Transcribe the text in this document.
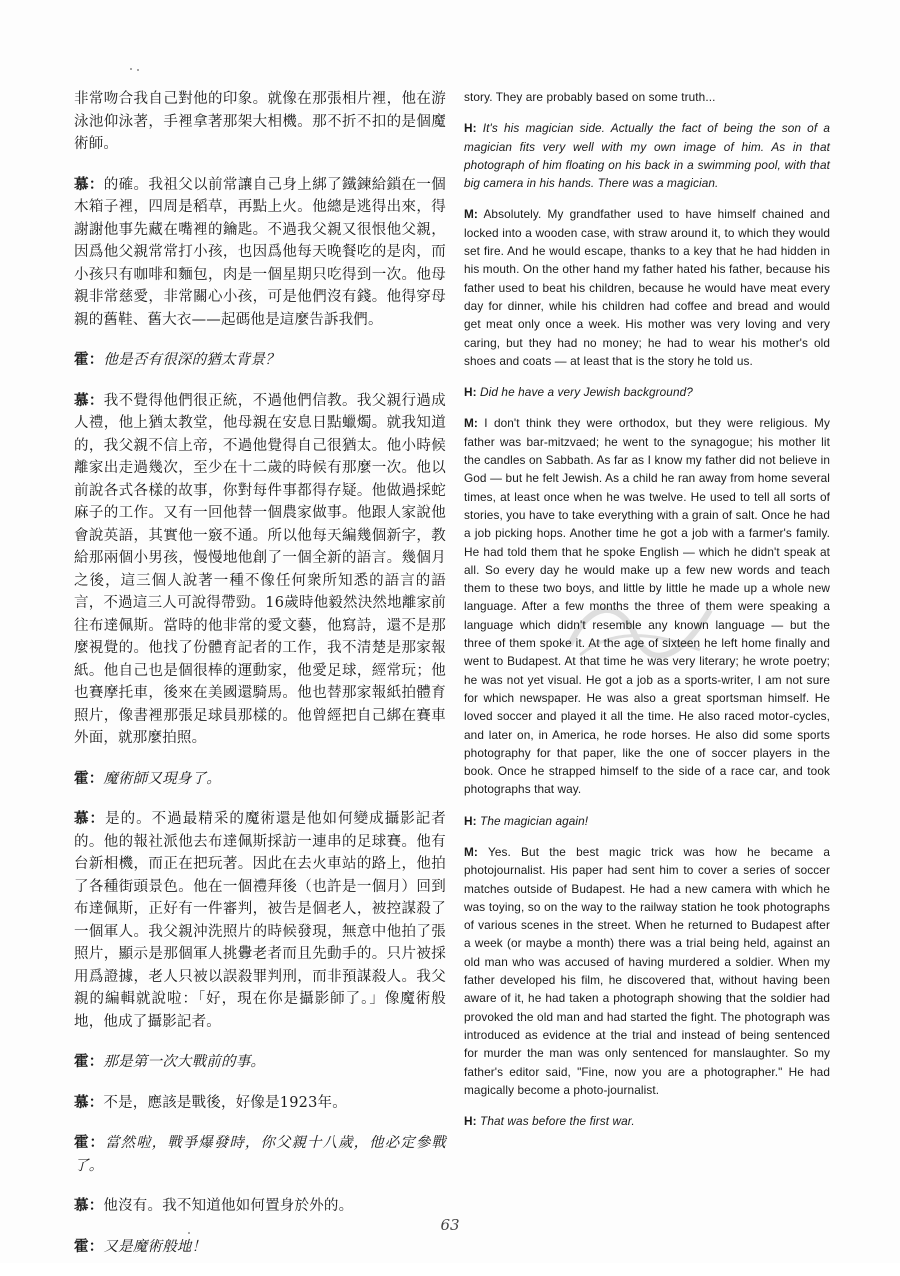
非常吻合我自己對他的印象。就像在那張相片裡，他在游泳池仰泳著，手裡拿著那架大相機。那不折不扣的是個魔術師。

慕：的確。我祖父以前常讓自己身上綁了鐵鍊給鎖在一個木箱子裡，四周是稻草，再點上火。他總是逃得出來，得謝謝他事先藏在嘴裡的鑰匙。不過我父親又很恨他父親，因爲他父親常常打小孩，也因爲他每天晚餐吃的是肉，而小孩只有咖啡和麵包，肉是一個星期只吃得到一次。他母親非常慈愛，非常關心小孩，可是他們沒有錢。他得穿母親的舊鞋、舊大衣——起碼他是這麼告訴我們。

霍：他是否有很深的猶太背景？

慕：我不覺得他們很正統，不過他們信教。我父親行過成人禮，他上猶太教堂，他母親在安息日點蠟燭。就我知道的，我父親不信上帝，不過他覺得自己很猶太。他小時候離家出走過幾次，至少在十二歲的時候有那麼一次。他以前說各式各樣的故事，你對每件事都得存疑。他做過採蛇麻子的工作。又有一回他替一個農家做事。他跟人家說他會說英語，其實他一竅不通。所以他每天編幾個新字，教給那兩個小男孩，慢慢地他創了一個全新的語言。幾個月之後，這三個人說著一種不像任何衆所知悉的語言的語言，不過這三人可說得帶勁。16歲時他毅然決然地離家前往布達佩斯。當時的他非常的愛文藝，他寫詩，還不是那麼視覺的。他找了份體育記者的工作，我不清楚是那家報紙。他自己也是個很棒的運動家，他愛足球，經常玩；他也賽摩托車，後來在美國還騎馬。他也替那家報紙拍體育照片，像書裡那張足球員那樣的。他曾經把自己綁在賽車外面，就那麼拍照。

霍：魔術師又現身了。

慕：是的。不過最精采的魔術還是他如何變成攝影記者的。他的報社派他去布達佩斯採訪一連串的足球賽。他有台新相機，而正在把玩著。因此在去火車站的路上，他拍了各種街頭景色。他在一個禮拜後（也許是一個月）回到布達佩斯，正好有一件審判，被告是個老人，被控謀殺了一個軍人。我父親沖洗照片的時候發現，無意中他拍了張照片，顯示是那個軍人挑釁老者而且先動手的。只片被採用爲證據，老人只被以誤殺罪判刑，而非預謀殺人。我父親的編輯就說啦：「好，現在你是攝影師了。」像魔術般地，他成了攝影記者。

霍：那是第一次大戰前的事。

慕：不是，應該是戰後，好像是1923年。

霍：當然啦，戰爭爆發時，你父親十八歲，他必定參戰了。

慕：他沒有。我不知道他如何置身於外的。

霍：又是魔術般地！

story. They are probably based on some truth...

H: It's his magician side. Actually the fact of being the son of a magician fits very well with my own image of him. As in that photograph of him floating on his back in a swimming pool, with that big camera in his hands. There was a magician.

M: Absolutely. My grandfather used to have himself chained and locked into a wooden case, with straw around it, to which they would set fire. And he would escape, thanks to a key that he had hidden in his mouth. On the other hand my father hated his father, because his father used to beat his children, because he would have meat every day for dinner, while his children had coffee and bread and would get meat only once a week. His mother was very loving and very caring, but they had no money; he had to wear his mother's old shoes and coats — at least that is the story he told us.

H: Did he have a very Jewish background?

M: I don't think they were orthodox, but they were religious. My father was bar-mitzvaed; he went to the synagogue; his mother lit the candles on Sabbath. As far as I know my father did not believe in God — but he felt Jewish. As a child he ran away from home several times, at least once when he was twelve. He used to tell all sorts of stories, you have to take everything with a grain of salt. Once he had a job picking hops. Another time he got a job with a farmer's family. He had told them that he spoke English — which he didn't speak at all. So every day he would make up a few new words and teach them to these two boys, and little by little he made up a whole new language. After a few months the three of them were speaking a language which didn't resemble any known language — but the three of them spoke it. At the age of sixteen he left home finally and went to Budapest. At that time he was very literary; he wrote poetry; he was not yet visual. He got a job as a sports-writer, I am not sure for which newspaper. He was also a great sportsman himself. He loved soccer and played it all the time. He also raced motor-cycles, and later on, in America, he rode horses. He also did some sports photography for that paper, like the one of soccer players in the book. Once he strapped himself to the side of a race car, and took photographs that way.

H: The magician again!

M: Yes. But the best magic trick was how he became a photojournalist. His paper had sent him to cover a series of soccer matches outside of Budapest. He had a new camera with which he was toying, so on the way to the railway station he took photographs of various scenes in the street. When he returned to Budapest after a week (or maybe a month) there was a trial being held, against an old man who was accused of having murdered a soldier. When my father developed his film, he discovered that, without having been aware of it, he had taken a photograph showing that the soldier had provoked the old man and had started the fight. The photograph was introduced as evidence at the trial and instead of being sentenced for murder the man was only sentenced for manslaughter. So my father's editor said, "Fine, now you are a photographer." He had magically become a photo-journalist.

H: That was before the first war.

63
